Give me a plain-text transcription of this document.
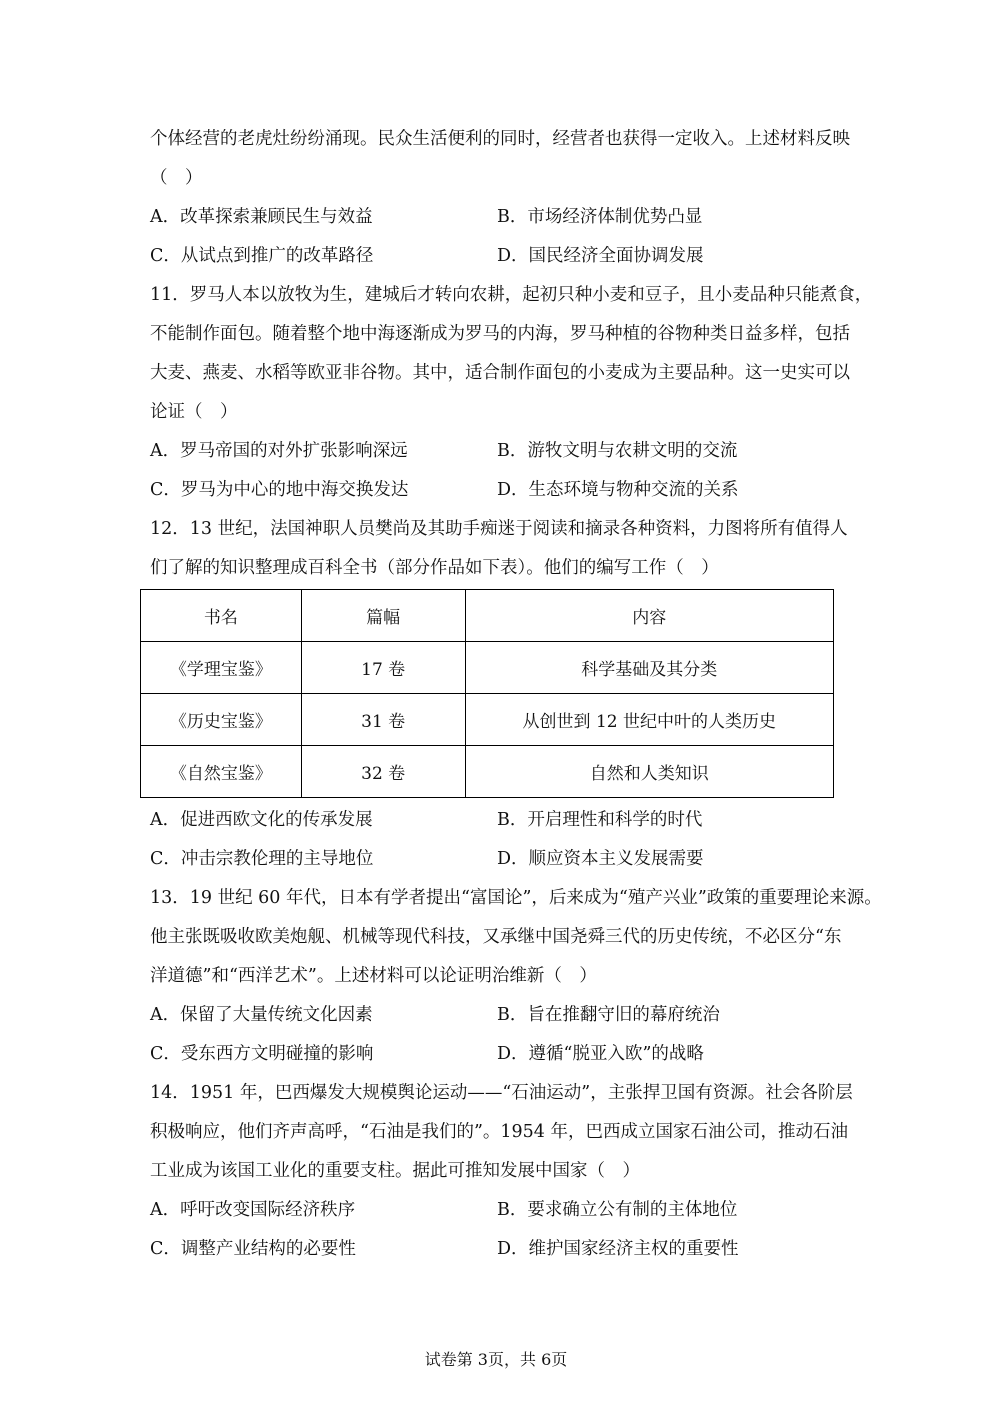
个体经营的老虎灶纷纷涌现。民众生活便利的同时，经营者也获得一定收入。上述材料反映
（　）
A．改革探索兼顾民生与效益	B．市场经济体制优势凸显
C．从试点到推广的改革路径	D．国民经济全面协调发展
11．罗马人本以放牧为生，建城后才转向农耕，起初只种小麦和豆子，且小麦品种只能煮食，
不能制作面包。随着整个地中海逐渐成为罗马的内海，罗马种植的谷物种类日益多样，包括
大麦、燕麦、水稻等欧亚非谷物。其中，适合制作面包的小麦成为主要品种。这一史实可以
论证（　）
A．罗马帝国的对外扩张影响深远	B．游牧文明与农耕文明的交流
C．罗马为中心的地中海交换发达	D．生态环境与物种交流的关系
12．13 世纪，法国神职人员樊尚及其助手痴迷于阅读和摘录各种资料，力图将所有值得人
们了解的知识整理成百科全书（部分作品如下表）。他们的编写工作（　）
书名	篇幅	内容
《学理宝鉴》	17 卷	科学基础及其分类
《历史宝鉴》	31 卷	从创世到 12 世纪中叶的人类历史
《自然宝鉴》	32 卷	自然和人类知识
A．促进西欧文化的传承发展	B．开启理性和科学的时代
C．冲击宗教伦理的主导地位	D．顺应资本主义发展需要
13．19 世纪 60 年代，日本有学者提出“富国论”，后来成为“殖产兴业”政策的重要理论来源。
他主张既吸收欧美炮舰、机械等现代科技，又承继中国尧舜三代的历史传统，不必区分“东
洋道德”和“西洋艺术”。上述材料可以论证明治维新（　）
A．保留了大量传统文化因素	B．旨在推翻守旧的幕府统治
C．受东西方文明碰撞的影响	D．遵循“脱亚入欧”的战略
14．1951 年，巴西爆发大规模舆论运动——“石油运动”，主张捍卫国有资源。社会各阶层
积极响应，他们齐声高呼，“石油是我们的”。1954 年，巴西成立国家石油公司，推动石油
工业成为该国工业化的重要支柱。据此可推知发展中国家（　）
A．呼吁改变国际经济秩序	B．要求确立公有制的主体地位
C．调整产业结构的必要性	D．维护国家经济主权的重要性
试卷第 3页，共 6页
